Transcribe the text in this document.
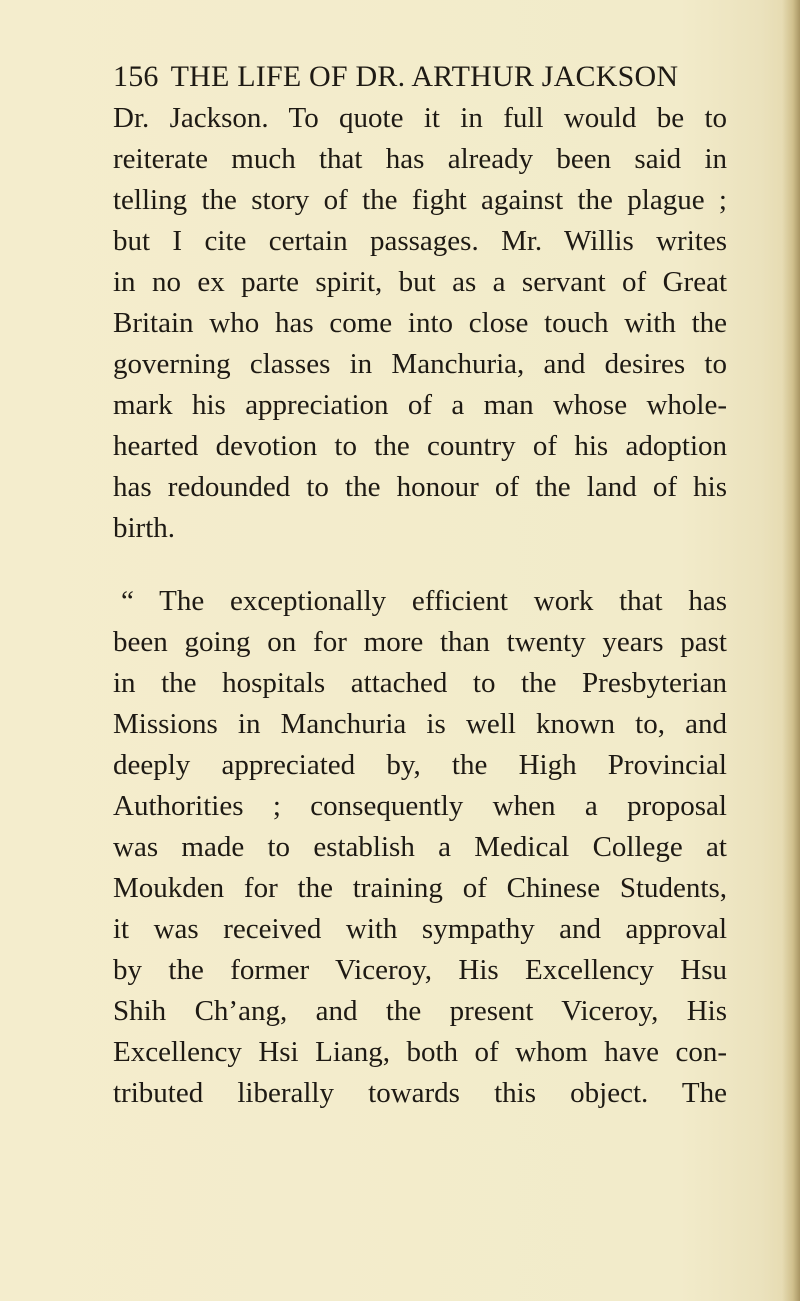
156 THE LIFE OF DR. ARTHUR JACKSON

Dr. Jackson. To quote it in full would be to
reiterate much that has already been said in
telling the story of the fight against the plague ;
but I cite certain passages. Mr. Willis writes
in no ex parte spirit, but as a servant of Great
Britain who has come into close touch with the
governing classes in Manchuria, and desires to
mark his appreciation of a man whose whole-
hearted devotion to the country of his adoption
has redounded to the honour of the land of his
birth.

“ The exceptionally efficient work that has
been going on for more than twenty years past
in the hospitals attached to the Presbyterian
Missions in Manchuria is well known to, and
deeply appreciated by, the High Provincial
Authorities ; consequently when a proposal
was made to establish a Medical College at
Moukden for the training of Chinese Students,
it was received with sympathy and approval
by the former Viceroy, His Excellency Hsu
Shih Ch’ang, and the present Viceroy, His
Excellency Hsi Liang, both of whom have con-
tributed liberally towards this object. The
